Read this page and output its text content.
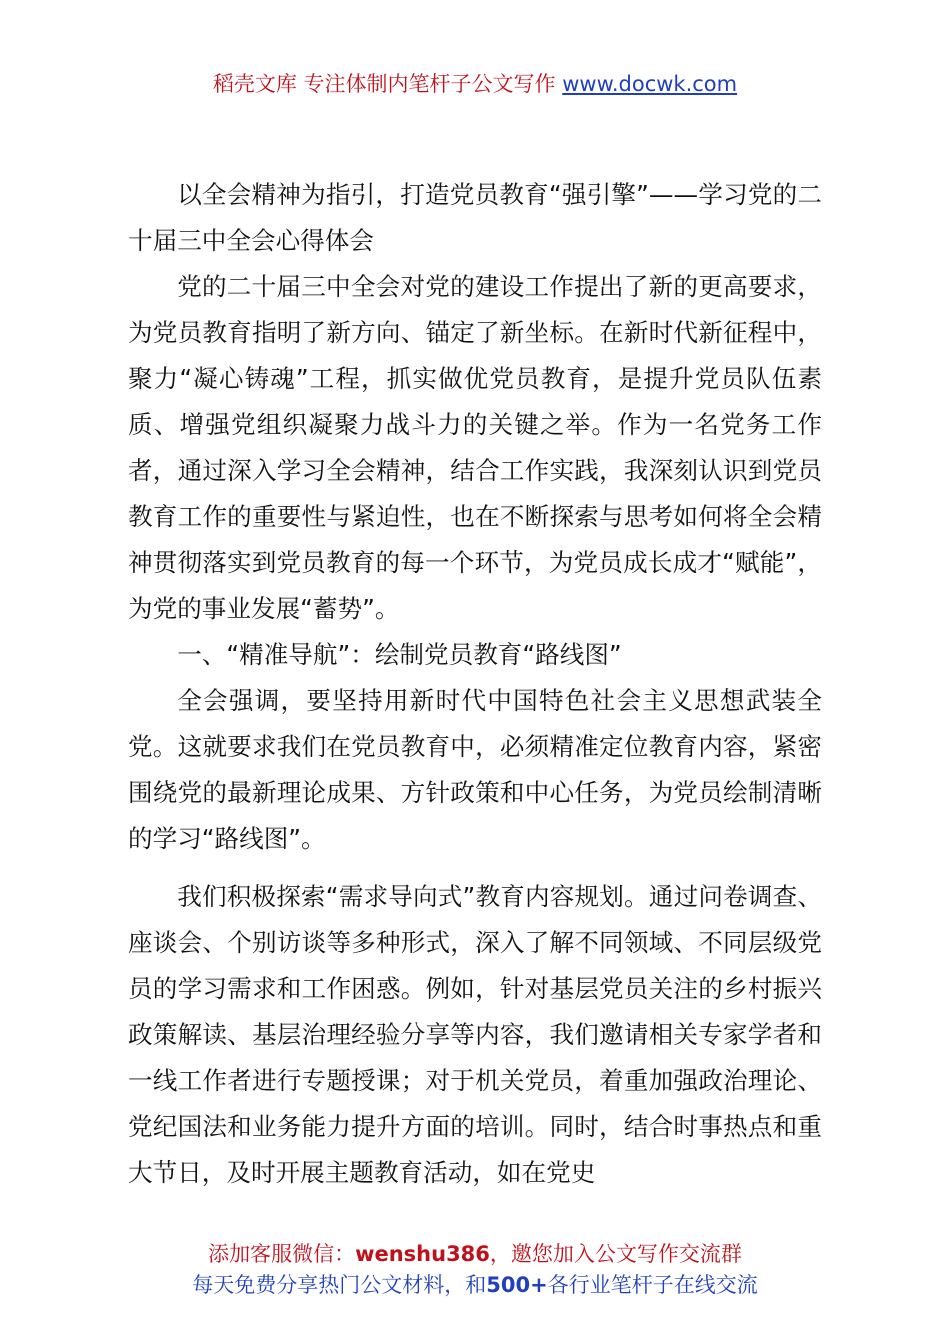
稻壳文库 专注体制内笔杆子公文写作 www.docwk.com

以全会精神为指引，打造党员教育“强引擎”——学习党的二十届三中全会心得体会

党的二十届三中全会对党的建设工作提出了新的更高要求，为党员教育指明了新方向、锚定了新坐标。在新时代新征程中，聚力“凝心铸魂”工程，抓实做优党员教育，是提升党员队伍素质、增强党组织凝聚力战斗力的关键之举。作为一名党务工作者，通过深入学习全会精神，结合工作实践，我深刻认识到党员教育工作的重要性与紧迫性，也在不断探索与思考如何将全会精神贯彻落实到党员教育的每一个环节，为党员成长成才“赋能”，为党的事业发展“蓄势”。

一、“精准导航”：绘制党员教育“路线图”

全会强调，要坚持用新时代中国特色社会主义思想武装全党。这就要求我们在党员教育中，必须精准定位教育内容，紧密围绕党的最新理论成果、方针政策和中心任务，为党员绘制清晰的学习“路线图”。

我们积极探索“需求导向式”教育内容规划。通过问卷调查、座谈会、个别访谈等多种形式，深入了解不同领域、不同层级党员的学习需求和工作困惑。例如，针对基层党员关注的乡村振兴政策解读、基层治理经验分享等内容，我们邀请相关专家学者和一线工作者进行专题授课；对于机关党员，着重加强政治理论、党纪国法和业务能力提升方面的培训。同时，结合时事热点和重大节日，及时开展主题教育活动，如在党史

添加客服微信：wenshu386，邀您加入公文写作交流群
每天免费分享热门公文材料，和500+各行业笔杆子在线交流
